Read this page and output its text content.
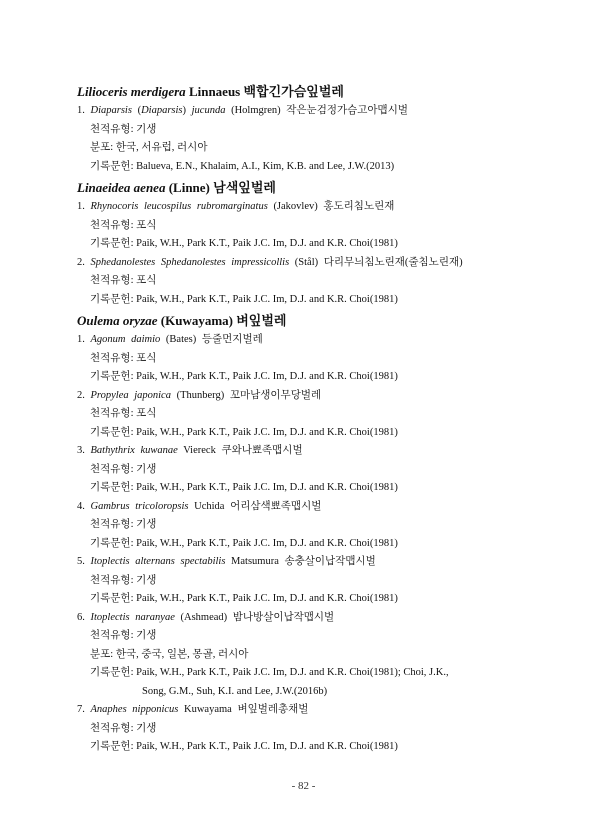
Lilioceris merdigera Linnaeus 백합긴가슴잎벌레
1. Diaparsis (Diaparsis) jucunda (Holmgren) 작은눈검정가슴고아맵시벌
천적유형: 기생
분포: 한국, 서유럽, 러시아
기록문헌: Balueva, E.N., Khalaim, A.I., Kim, K.B. and Lee, J.W.(2013)
Linaeidea aenea (Linne) 남색잎벌레
1. Rhynocoris leucospilus rubromarginatus (Jakovlev) 홍도리침노린재
천적유형: 포식
기록문헌: Paik, W.H., Park K.T., Paik J.C. Im, D.J. and K.R. Choi(1981)
2. Sphedanolestes Sphedanolestes impressicollis (Stål) 다리무늬침노린재(줄침노린재)
천적유형: 포식
기록문헌: Paik, W.H., Park K.T., Paik J.C. Im, D.J. and K.R. Choi(1981)
Oulema oryzae (Kuwayama) 벼잎벌레
1. Agonum daimio (Bates) 등줄먼지벌레
천적유형: 포식
기록문헌: Paik, W.H., Park K.T., Paik J.C. Im, D.J. and K.R. Choi(1981)
2. Propylea japonica (Thunberg) 꼬마남생이무당벌레
천적유형: 포식
기록문헌: Paik, W.H., Park K.T., Paik J.C. Im, D.J. and K.R. Choi(1981)
3. Bathythrix kuwanae Viereck 쿠와나뾰족맵시벌
천적유형: 기생
기록문헌: Paik, W.H., Park K.T., Paik J.C. Im, D.J. and K.R. Choi(1981)
4. Gambrus tricoloropsis Uchida 어리삼색뾰족맵시벌
천적유형: 기생
기록문헌: Paik, W.H., Park K.T., Paik J.C. Im, D.J. and K.R. Choi(1981)
5. Itoplectis alternans spectabilis Matsumura 송충살이납작맵시벌
천적유형: 기생
기록문헌: Paik, W.H., Park K.T., Paik J.C. Im, D.J. and K.R. Choi(1981)
6. Itoplectis naranyae (Ashmead) 밤나방살이납작맵시벌
천적유형: 기생
분포: 한국, 중국, 일본, 몽골, 러시아
기록문헌: Paik, W.H., Park K.T., Paik J.C. Im, D.J. and K.R. Choi(1981); Choi, J.K.,
Song, G.M., Suh, K.I. and Lee, J.W.(2016b)
7. Anaphes nipponicus Kuwayama 벼잎벌레총채벌
천적유형: 기생
기록문헌: Paik, W.H., Park K.T., Paik J.C. Im, D.J. and K.R. Choi(1981)
- 82 -
